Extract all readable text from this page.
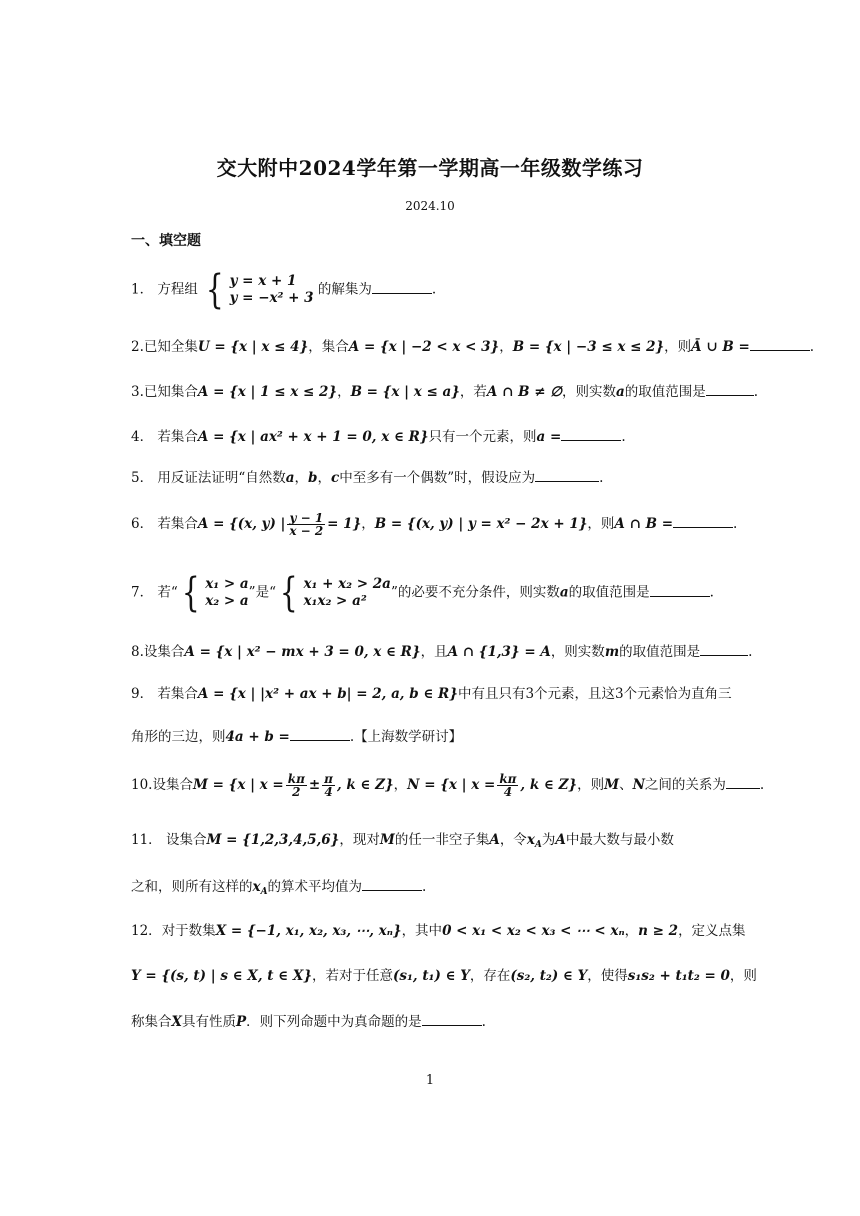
交大附中2024学年第一学期高一年级数学练习
2024.10
一、填空题
1． 方程组 { y = x + 1
y = −x² + 3
的解集为	.
2.已知全集U = {x | x ≤ 4}，集合A = {x | −2 < x < 3}，B = {x | −3 ≤ x ≤ 2}，则Ā ∪ B =	.
3.已知集合A = {x | 1 ≤ x ≤ 2}，B = {x | x ≤ a}，若A ∩ B ≠ ∅，则实数a的取值范围是	.
4． 若集合A = {x | ax² + x + 1 = 0, x ∈ R}只有一个元素，则a =	.
5． 用反证法证明“自然数a，b，c中至多有一个偶数”时，假设应为	.
6． 若集合A = {(x, y) | $\frac{y - 1}{x - 2} = 1$}，B = {(x, y) | y = x² − 2x + 1}，则A ∩ B =	.
7． 若“ { x₁ > a
x₂ > a
”是“ { x₁ + x₂ > 2a
x₁x₂ > a²
”的必要不充分条件，则实数a的取值范围是	.
8.设集合A = {x | x² − mx + 3 = 0, x ∈ R}，且A ∩ {1,3} = A，则实数m的取值范围是	.
9． 若集合A = {x | |x² + ax + b| = 2, a, b ∈ R}中有且只有3个元素，且这3个元素恰为直角三
角形的三边，则4a + b =	.【上海数学研讨】
10.设集合M = {x | $x = \frac{k\pi}{2} \pm \frac{\pi}{4}$ , k ∈ Z}，N = {x | $x = \frac{k\pi}{4}$ , k ∈ Z}，则M、N之间的关系为	.
11． 设集合M = {1,2,3,4,5,6}，现对M的任一非空子集A，令$x_A$为A中最大数与最小数
之和，则所有这样的$x_A$的算术平均值为	.
12．对于数集X = {−1, x₁, x₂, x₃, ⋯, xₙ}，其中0 < x₁ < x₂ < x₃ < ⋯ < xₙ，n ≥ 2，定义点集
Y = {(s, t) | s ∈ X, t ∈ X}，若对于任意(s₁, t₁) ∈ Y，存在(s₂, t₂) ∈ Y，使得s₁s₂ + t₁t₂ = 0，则
称集合X具有性质P．则下列命题中为真命题的是	.
1
